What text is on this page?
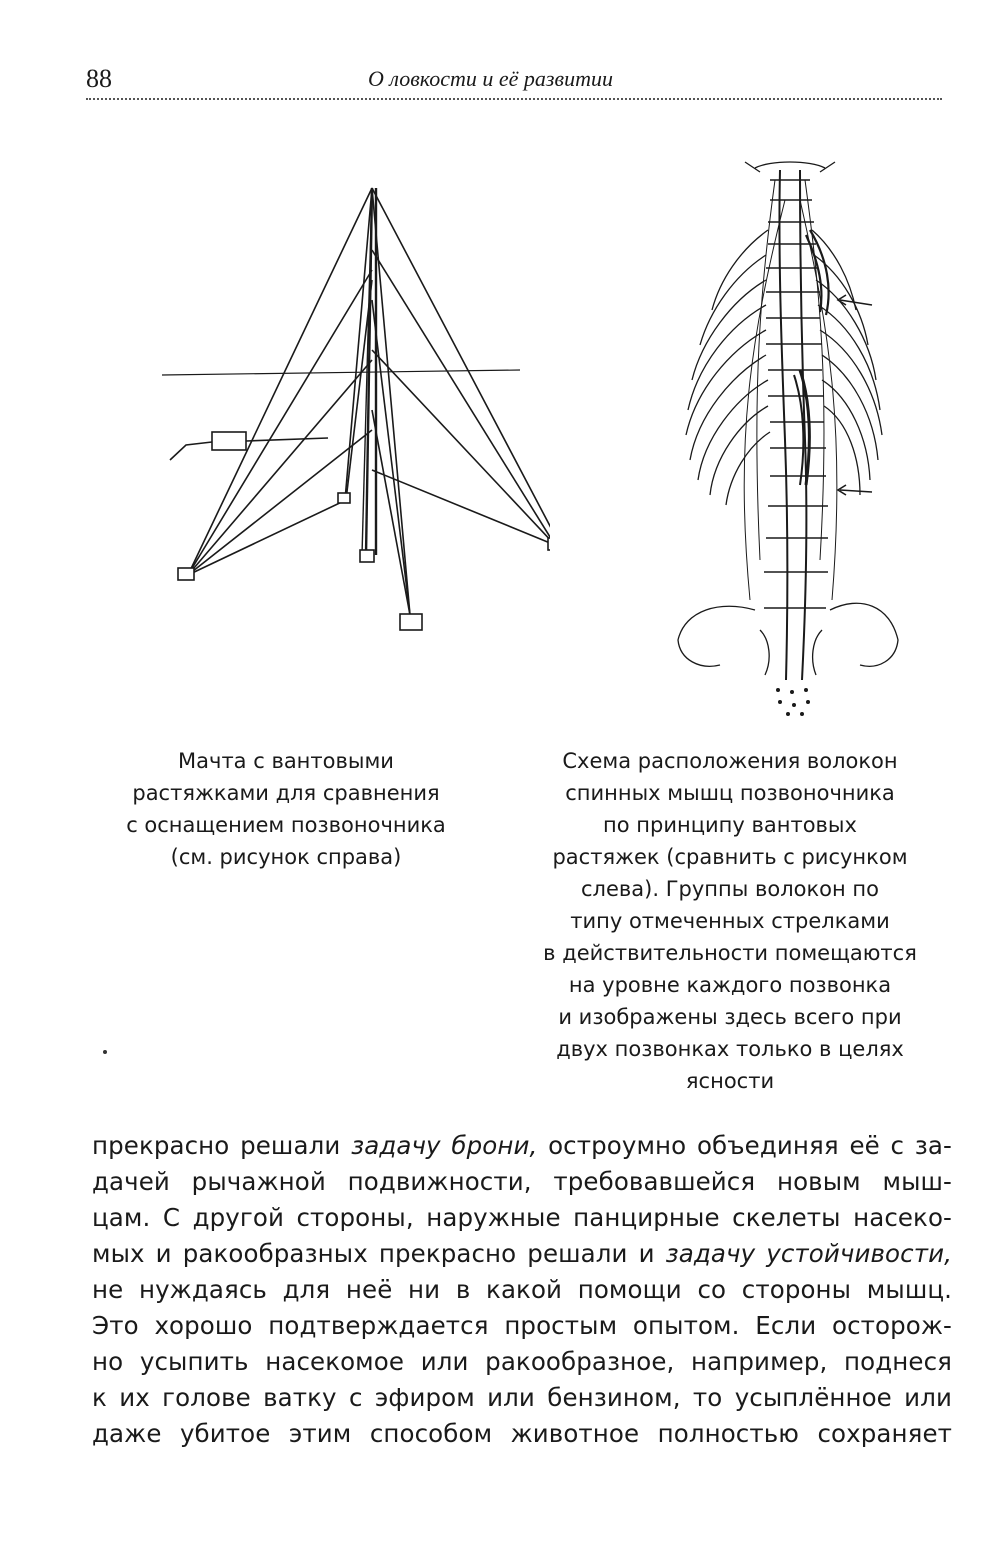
88	О ловкости и её развитии
Мачта с вантовыми
растяжками для сравнения
с оснащением позвоночника
(см. рисунок справа)
Схема расположения волокон
спинных мышц позвоночника
по принципу вантовых
растяжек (сравнить с рисунком
слева). Группы волокон по
типу отмеченных стрелками
в действительности помещаются
на уровне каждого позвонка
и изображены здесь всего при
двух позвонках только в целях
ясности
прекрасно решали задачу брони, остроумно объединяя её с за-
дачей рычажной подвижности, требовавшейся новым мыш-
цам. С другой стороны, наружные панцирные скелеты насеко-
мых и ракообразных прекрасно решали и задачу устойчивости,
не нуждаясь для неё ни в какой помощи со стороны мышц.
Это хорошо подтверждается простым опытом. Если осторож-
но усыпить насекомое или ракообразное, например, поднеся
к их голове ватку с эфиром или бензином, то усыплённое или
даже убитое этим способом животное полностью сохраняет
